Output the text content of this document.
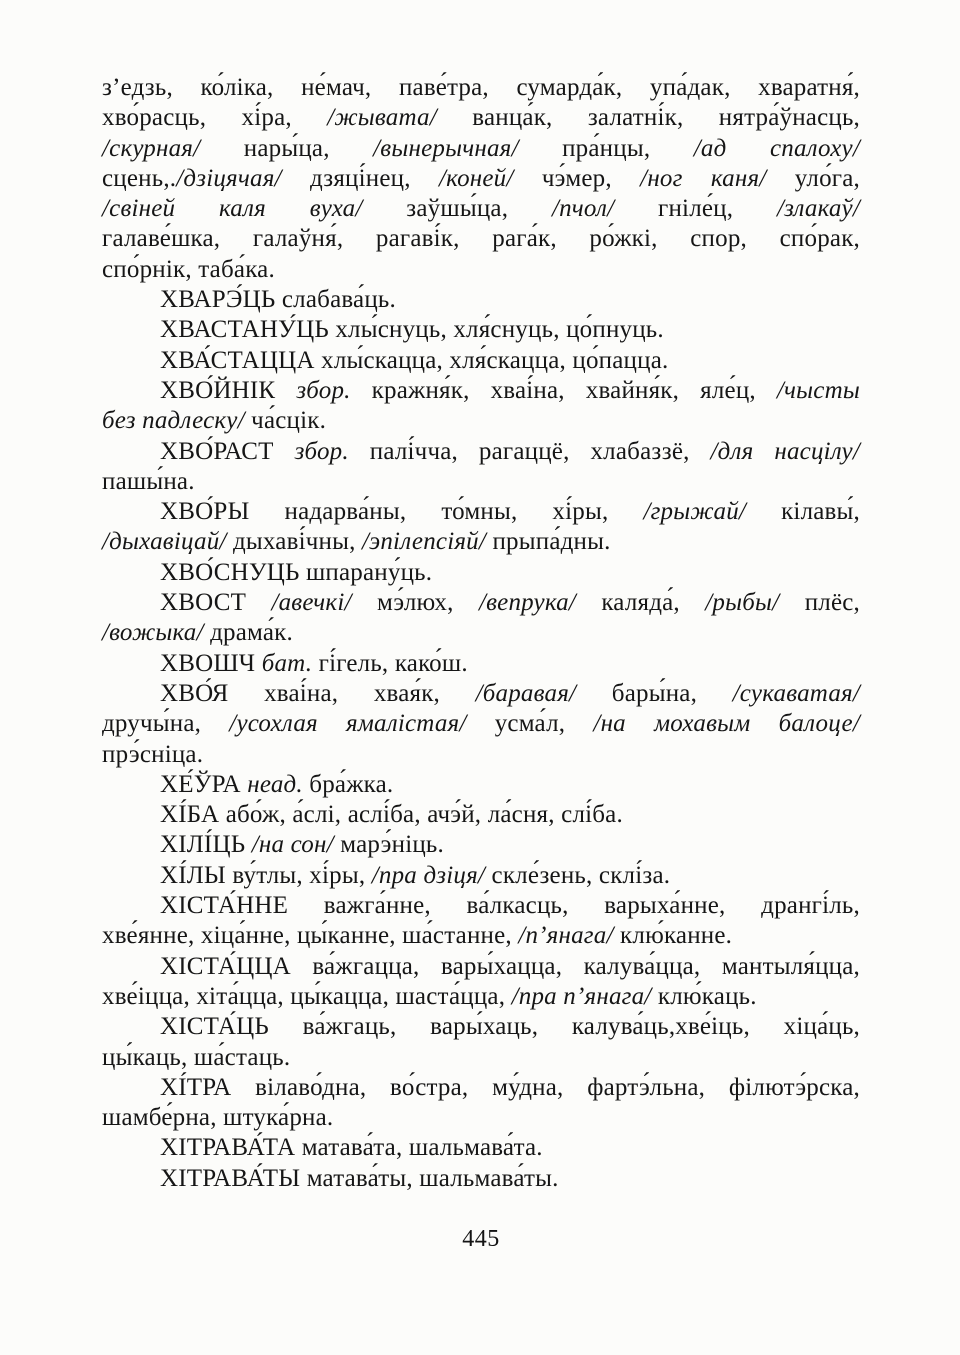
з’едзь, ко́ліка, не́мач, паве́тра, сумарда́к, упа́дак, хваратня́,
хво́расць, хі́ра, /жывата/ ванца́к, залатні́к, нятра́ўнасць,
/скурная/ нары́ца, /вынерычная/ пра́нцы, /ад спалоху/
сцень,./дзіцячая/ дзяці́нец, /коней/ чэ́мер, /ног каня/ уло́га,
/свіней каля вуха/ заўшы́ца, /пчол/ гніле́ц, /злакаў/
галаве́шка, галаўня́, рагаві́к, рага́к, ро́жкі, спор, спо́рак,
спо́рнік, таба́ка.
ХВАРЭ́ЦЬ слабава́ць.
ХВАСТАНУ́ЦЬ хлы́снуць, хля́снуць, цо́пнуць.
ХВА́СТАЦЦА хлы́скацца, хля́скацца, цо́пацца.
ХВО́ЙНІК збор. кражня́к, хваі́на, хвайня́к, яле́ц, /чысты
без падлеску/ ча́сцік.
ХВО́РАСТ збор. палі́чча, рагаццё, хлабаззё, /для насцілу/
пашы́на.
ХВО́РЫ надарва́ны, то́мны, хі́ры, /грыжай/ кілавы́,
/дыхавіцай/ дыхаві́чны, /эпілепсіяй/ прыпа́дны.
ХВО́СНУЦЬ шпарану́ць.
ХВОСТ /авечкі/ мэ́люх, /вепрука/ каляда́, /рыбы/ плёс,
/вожыка/ драма́к.
ХВОШЧ бат. гі́гель, како́ш.
ХВО́Я хваі́на, хвая́к, /баравая/ бары́на, /сукаватая/
дручы́на, /усохлая ямалістая/ усма́л, /на мохавым балоце/
прэ́сніца.
ХЕ́ЎРА неад. бра́жка.
ХІ́БА або́ж, а́слі, аслі́ба, ачэ́й, ла́сня, слі́ба.
ХІЛІ́ЦЬ /на сон/ марэ́ніць.
ХІ́ЛЫ ву́тлы, хі́ры, /пра дзіця/ скле́зень, склі́за.
ХІСТА́ННЕ важга́нне, ва́лкасць, варыха́нне, дрангі́ль,
хве́янне, хіца́нне, цы́канне, ша́станне, /п’янага/ клю́канне.
ХІСТА́ЦЦА ва́жгацца, вары́хацца, калува́цца, мантыля́цца,
хве́іцца, хіта́цца, цы́кацца, шаста́цца, /пра п’янага/ клю́каць.
ХІСТА́ЦЬ ва́жгаць, вары́хаць, калува́ць,хве́іць, хіца́ць,
цы́каць, ша́стаць.
ХІ́ТРА вілаво́дна, во́стра, му́дна, фартэ́льна, філютэ́рска,
шамбе́рна, штука́рна.
ХІТРАВА́ТА матава́та, шальмава́та.
ХІТРАВА́ТЫ матава́ты, шальмава́ты.
445
